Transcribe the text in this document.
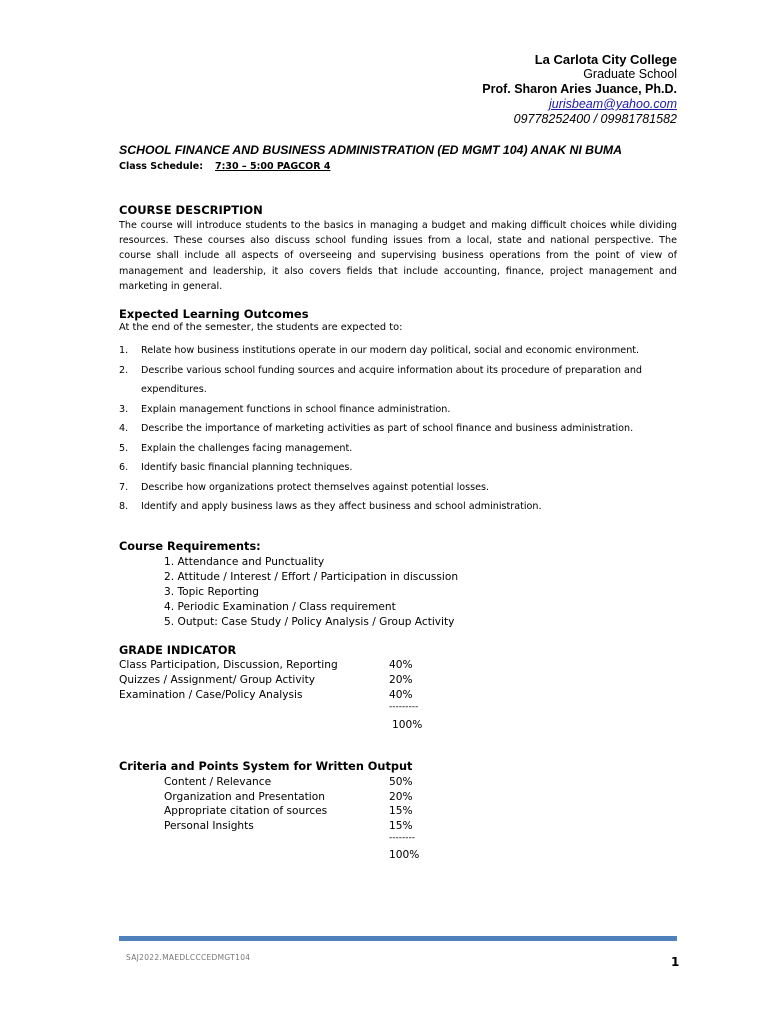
La Carlota City College
Graduate School
Prof. Sharon Aries Juance, Ph.D.
jurisbeam@yahoo.com
09778252400 / 09981781582
SCHOOL FINANCE AND BUSINESS ADMINISTRATION (ED MGMT 104) ANAK NI BUMA
Class Schedule: 7:30 – 5:00 PAGCOR 4
COURSE DESCRIPTION
The course will introduce students to the basics in managing a budget and making difficult choices while dividing resources. These courses also discuss school funding issues from a local, state and national perspective. The course shall include all aspects of overseeing and supervising business operations from the point of view of management and leadership, it also covers fields that include accounting, finance, project management and marketing in general.
Expected Learning Outcomes
At the end of the semester, the students are expected to:
1. Relate how business institutions operate in our modern day political, social and economic environment.
2. Describe various school funding sources and acquire information about its procedure of preparation and expenditures.
3. Explain management functions in school finance administration.
4. Describe the importance of marketing activities as part of school finance and business administration.
5. Explain the challenges facing management.
6. Identify basic financial planning techniques.
7. Describe how organizations protect themselves against potential losses.
8. Identify and apply business laws as they affect business and school administration.
Course Requirements:
1. Attendance and Punctuality
2. Attitude / Interest / Effort / Participation in discussion
3. Topic Reporting
4. Periodic Examination / Class requirement
5. Output: Case Study / Policy Analysis / Group Activity
GRADE INDICATOR
Class Participation, Discussion, Reporting	40%
Quizzes / Assignment/ Group Activity	20%
Examination / Case/Policy Analysis	40%
---------
100%
Criteria and Points System for Written Output
Content / Relevance	50%
Organization and Presentation	20%
Appropriate citation of sources	15%
Personal Insights	15%
--------
100%
SAJ2022.MAEDLCCCEDMGT104	1
